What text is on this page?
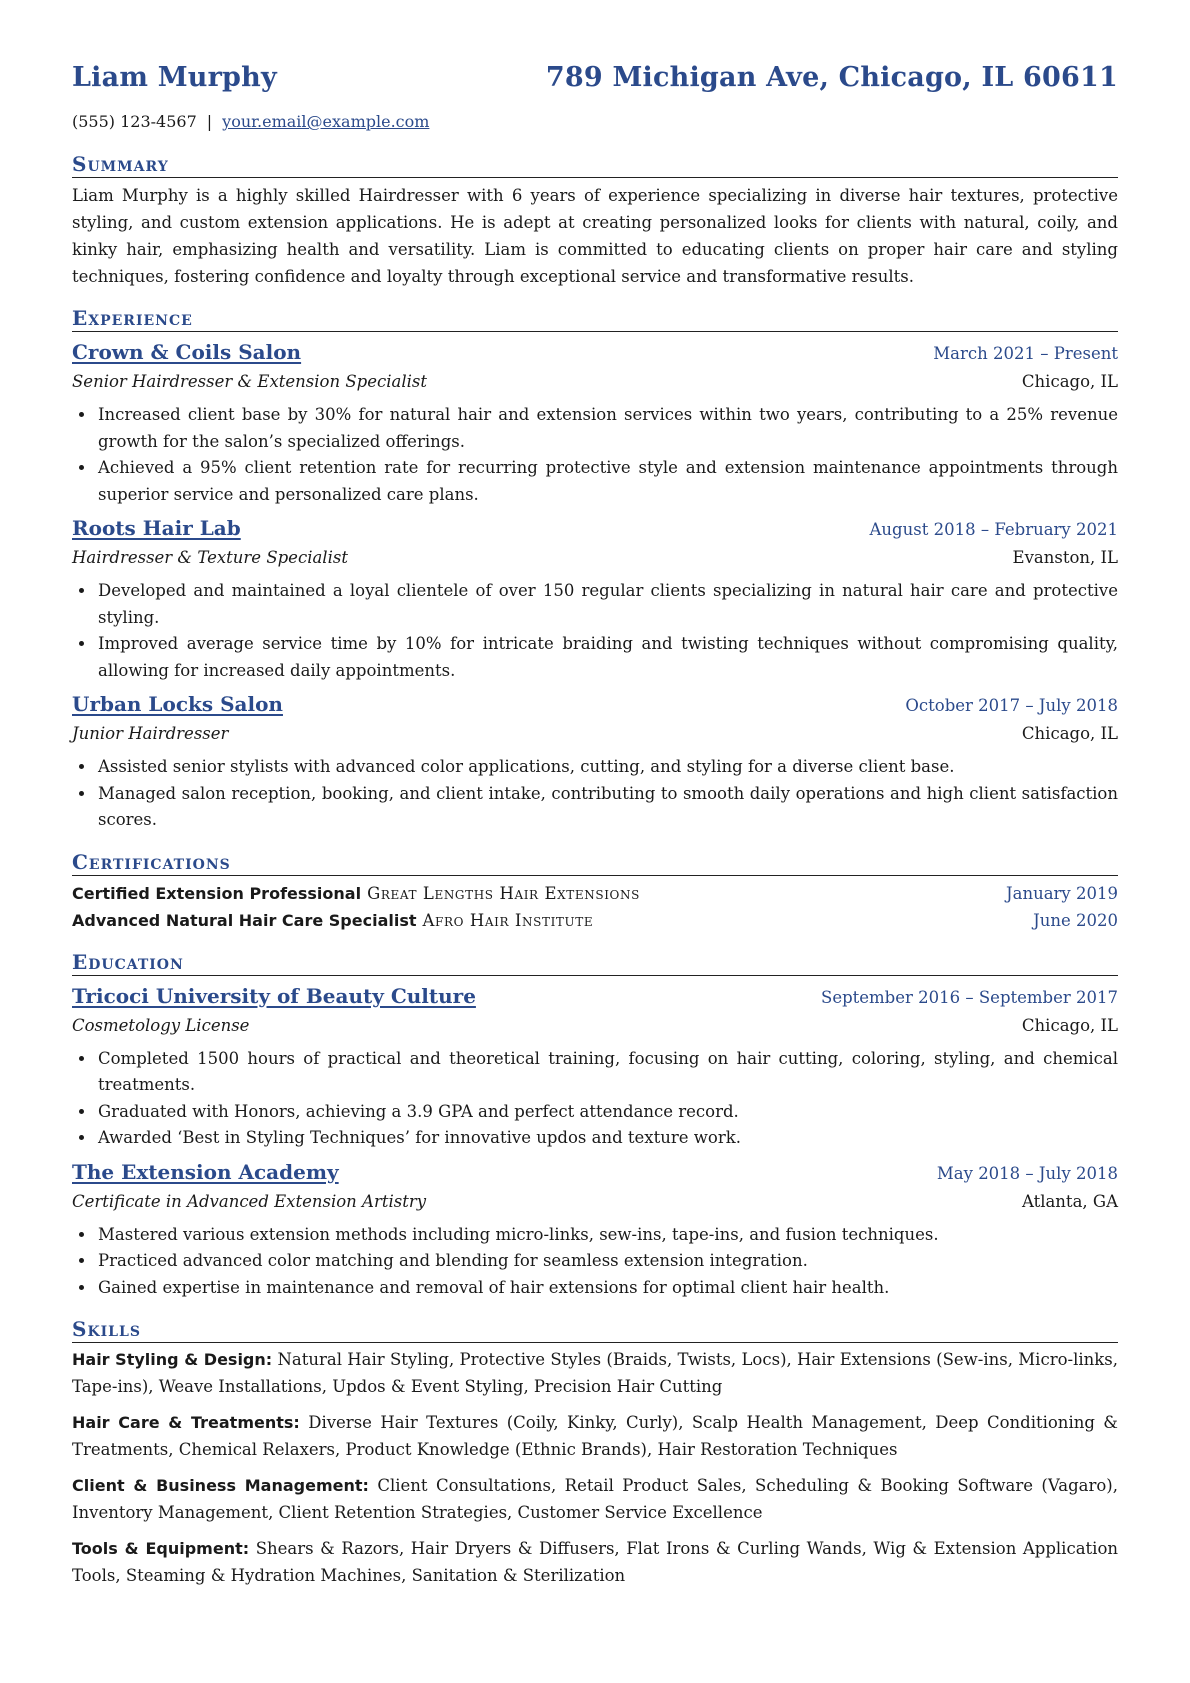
Liam Murphy	789 Michigan Ave, Chicago, IL 60611
(555) 123-4567 | your.email@example.com
Summary
Liam Murphy is a highly skilled Hairdresser with 6 years of experience specializing in diverse hair textures, protective styling, and custom extension applications. He is adept at creating personalized looks for clients with natural, coily, and kinky hair, emphasizing health and versatility. Liam is committed to educating clients on proper hair care and styling techniques, fostering confidence and loyalty through exceptional service and transformative results.
Experience
Crown & Coils Salon	March 2021 – Present
Senior Hairdresser & Extension Specialist	Chicago, IL
• Increased client base by 30% for natural hair and extension services within two years, contributing to a 25% revenue growth for the salon’s specialized offerings.
• Achieved a 95% client retention rate for recurring protective style and extension maintenance appointments through superior service and personalized care plans.
Roots Hair Lab	August 2018 – February 2021
Hairdresser & Texture Specialist	Evanston, IL
• Developed and maintained a loyal clientele of over 150 regular clients specializing in natural hair care and protective styling.
• Improved average service time by 10% for intricate braiding and twisting techniques without compromising quality, allowing for increased daily appointments.
Urban Locks Salon	October 2017 – July 2018
Junior Hairdresser	Chicago, IL
• Assisted senior stylists with advanced color applications, cutting, and styling for a diverse client base.
• Managed salon reception, booking, and client intake, contributing to smooth daily operations and high client satisfaction scores.
Certifications
Certified Extension Professional Great Lengths Hair Extensions	January 2019
Advanced Natural Hair Care Specialist Afro Hair Institute	June 2020
Education
Tricoci University of Beauty Culture	September 2016 – September 2017
Cosmetology License	Chicago, IL
• Completed 1500 hours of practical and theoretical training, focusing on hair cutting, coloring, styling, and chemical treatments.
• Graduated with Honors, achieving a 3.9 GPA and perfect attendance record.
• Awarded ‘Best in Styling Techniques’ for innovative updos and texture work.
The Extension Academy	May 2018 – July 2018
Certificate in Advanced Extension Artistry	Atlanta, GA
• Mastered various extension methods including micro-links, sew-ins, tape-ins, and fusion techniques.
• Practiced advanced color matching and blending for seamless extension integration.
• Gained expertise in maintenance and removal of hair extensions for optimal client hair health.
Skills
Hair Styling & Design: Natural Hair Styling, Protective Styles (Braids, Twists, Locs), Hair Extensions (Sew-ins, Micro-links, Tape-ins), Weave Installations, Updos & Event Styling, Precision Hair Cutting
Hair Care & Treatments: Diverse Hair Textures (Coily, Kinky, Curly), Scalp Health Management, Deep Conditioning & Treatments, Chemical Relaxers, Product Knowledge (Ethnic Brands), Hair Restoration Techniques
Client & Business Management: Client Consultations, Retail Product Sales, Scheduling & Booking Software (Vagaro), Inventory Management, Client Retention Strategies, Customer Service Excellence
Tools & Equipment: Shears & Razors, Hair Dryers & Diffusers, Flat Irons & Curling Wands, Wig & Extension Application Tools, Steaming & Hydration Machines, Sanitation & Sterilization
